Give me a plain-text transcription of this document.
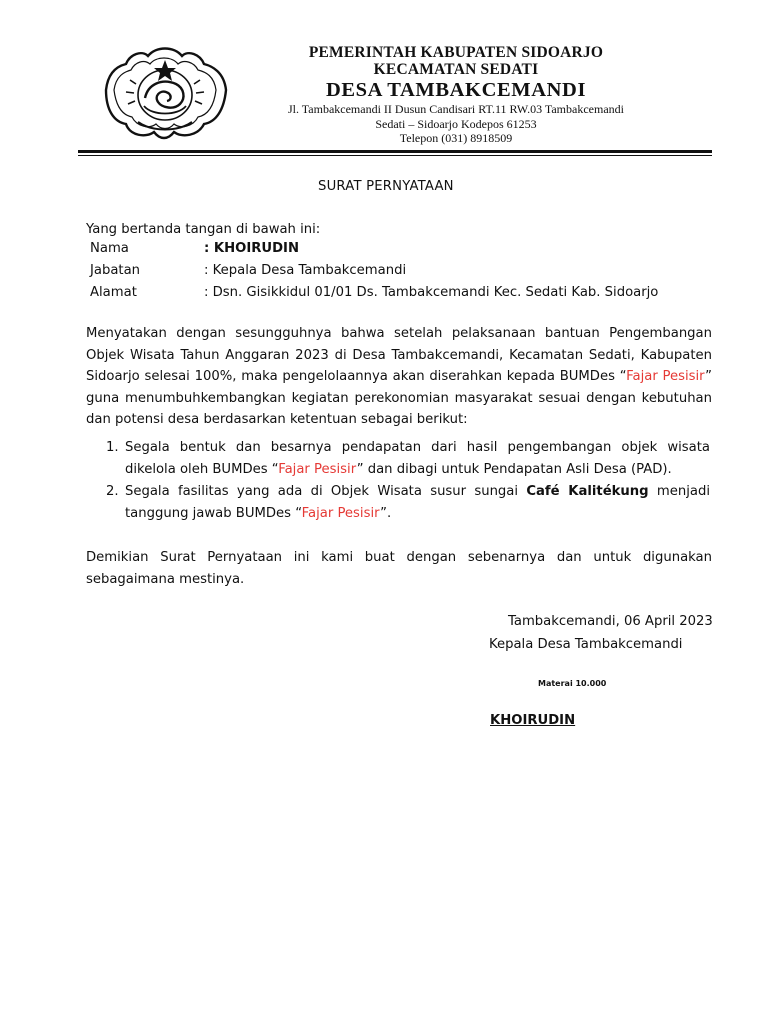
PEMERINTAH KABUPATEN SIDOARJO
KECAMATAN SEDATI
DESA TAMBAKCEMANDI
Jl. Tambakcemandi II Dusun Candisari RT.11 RW.03 Tambakcemandi
Sedati – Sidoarjo Kodepos 61253
Telepon (031) 8918509
SURAT PERNYATAAN
Yang bertanda tangan di bawah ini:
Nama	: KHOIRUDIN
Jabatan	: Kepala Desa Tambakcemandi
Alamat	: Dsn. Gisikkidul 01/01 Ds. Tambakcemandi Kec. Sedati Kab. Sidoarjo
Menyatakan dengan sesungguhnya bahwa setelah pelaksanaan bantuan Pengembangan Objek Wisata Tahun Anggaran 2023 di Desa Tambakcemandi, Kecamatan Sedati, Kabupaten Sidoarjo selesai 100%, maka pengelolaannya akan diserahkan kepada BUMDes “Fajar Pesisir” guna menumbuhkembangkan kegiatan perekonomian masyarakat sesuai dengan kebutuhan dan potensi desa berdasarkan ketentuan sebagai berikut:
1. Segala bentuk dan besarnya pendapatan dari hasil pengembangan objek wisata dikelola oleh BUMDes “Fajar Pesisir” dan dibagi untuk Pendapatan Asli Desa (PAD).
2. Segala fasilitas yang ada di Objek Wisata susur sungai Café Kalitékung menjadi tanggung jawab BUMDes “Fajar Pesisir”.
Demikian Surat Pernyataan ini kami buat dengan sebenarnya dan untuk digunakan sebagaimana mestinya.
Tambakcemandi, 06 April 2023
Kepala Desa Tambakcemandi
Materai 10.000
KHOIRUDIN
